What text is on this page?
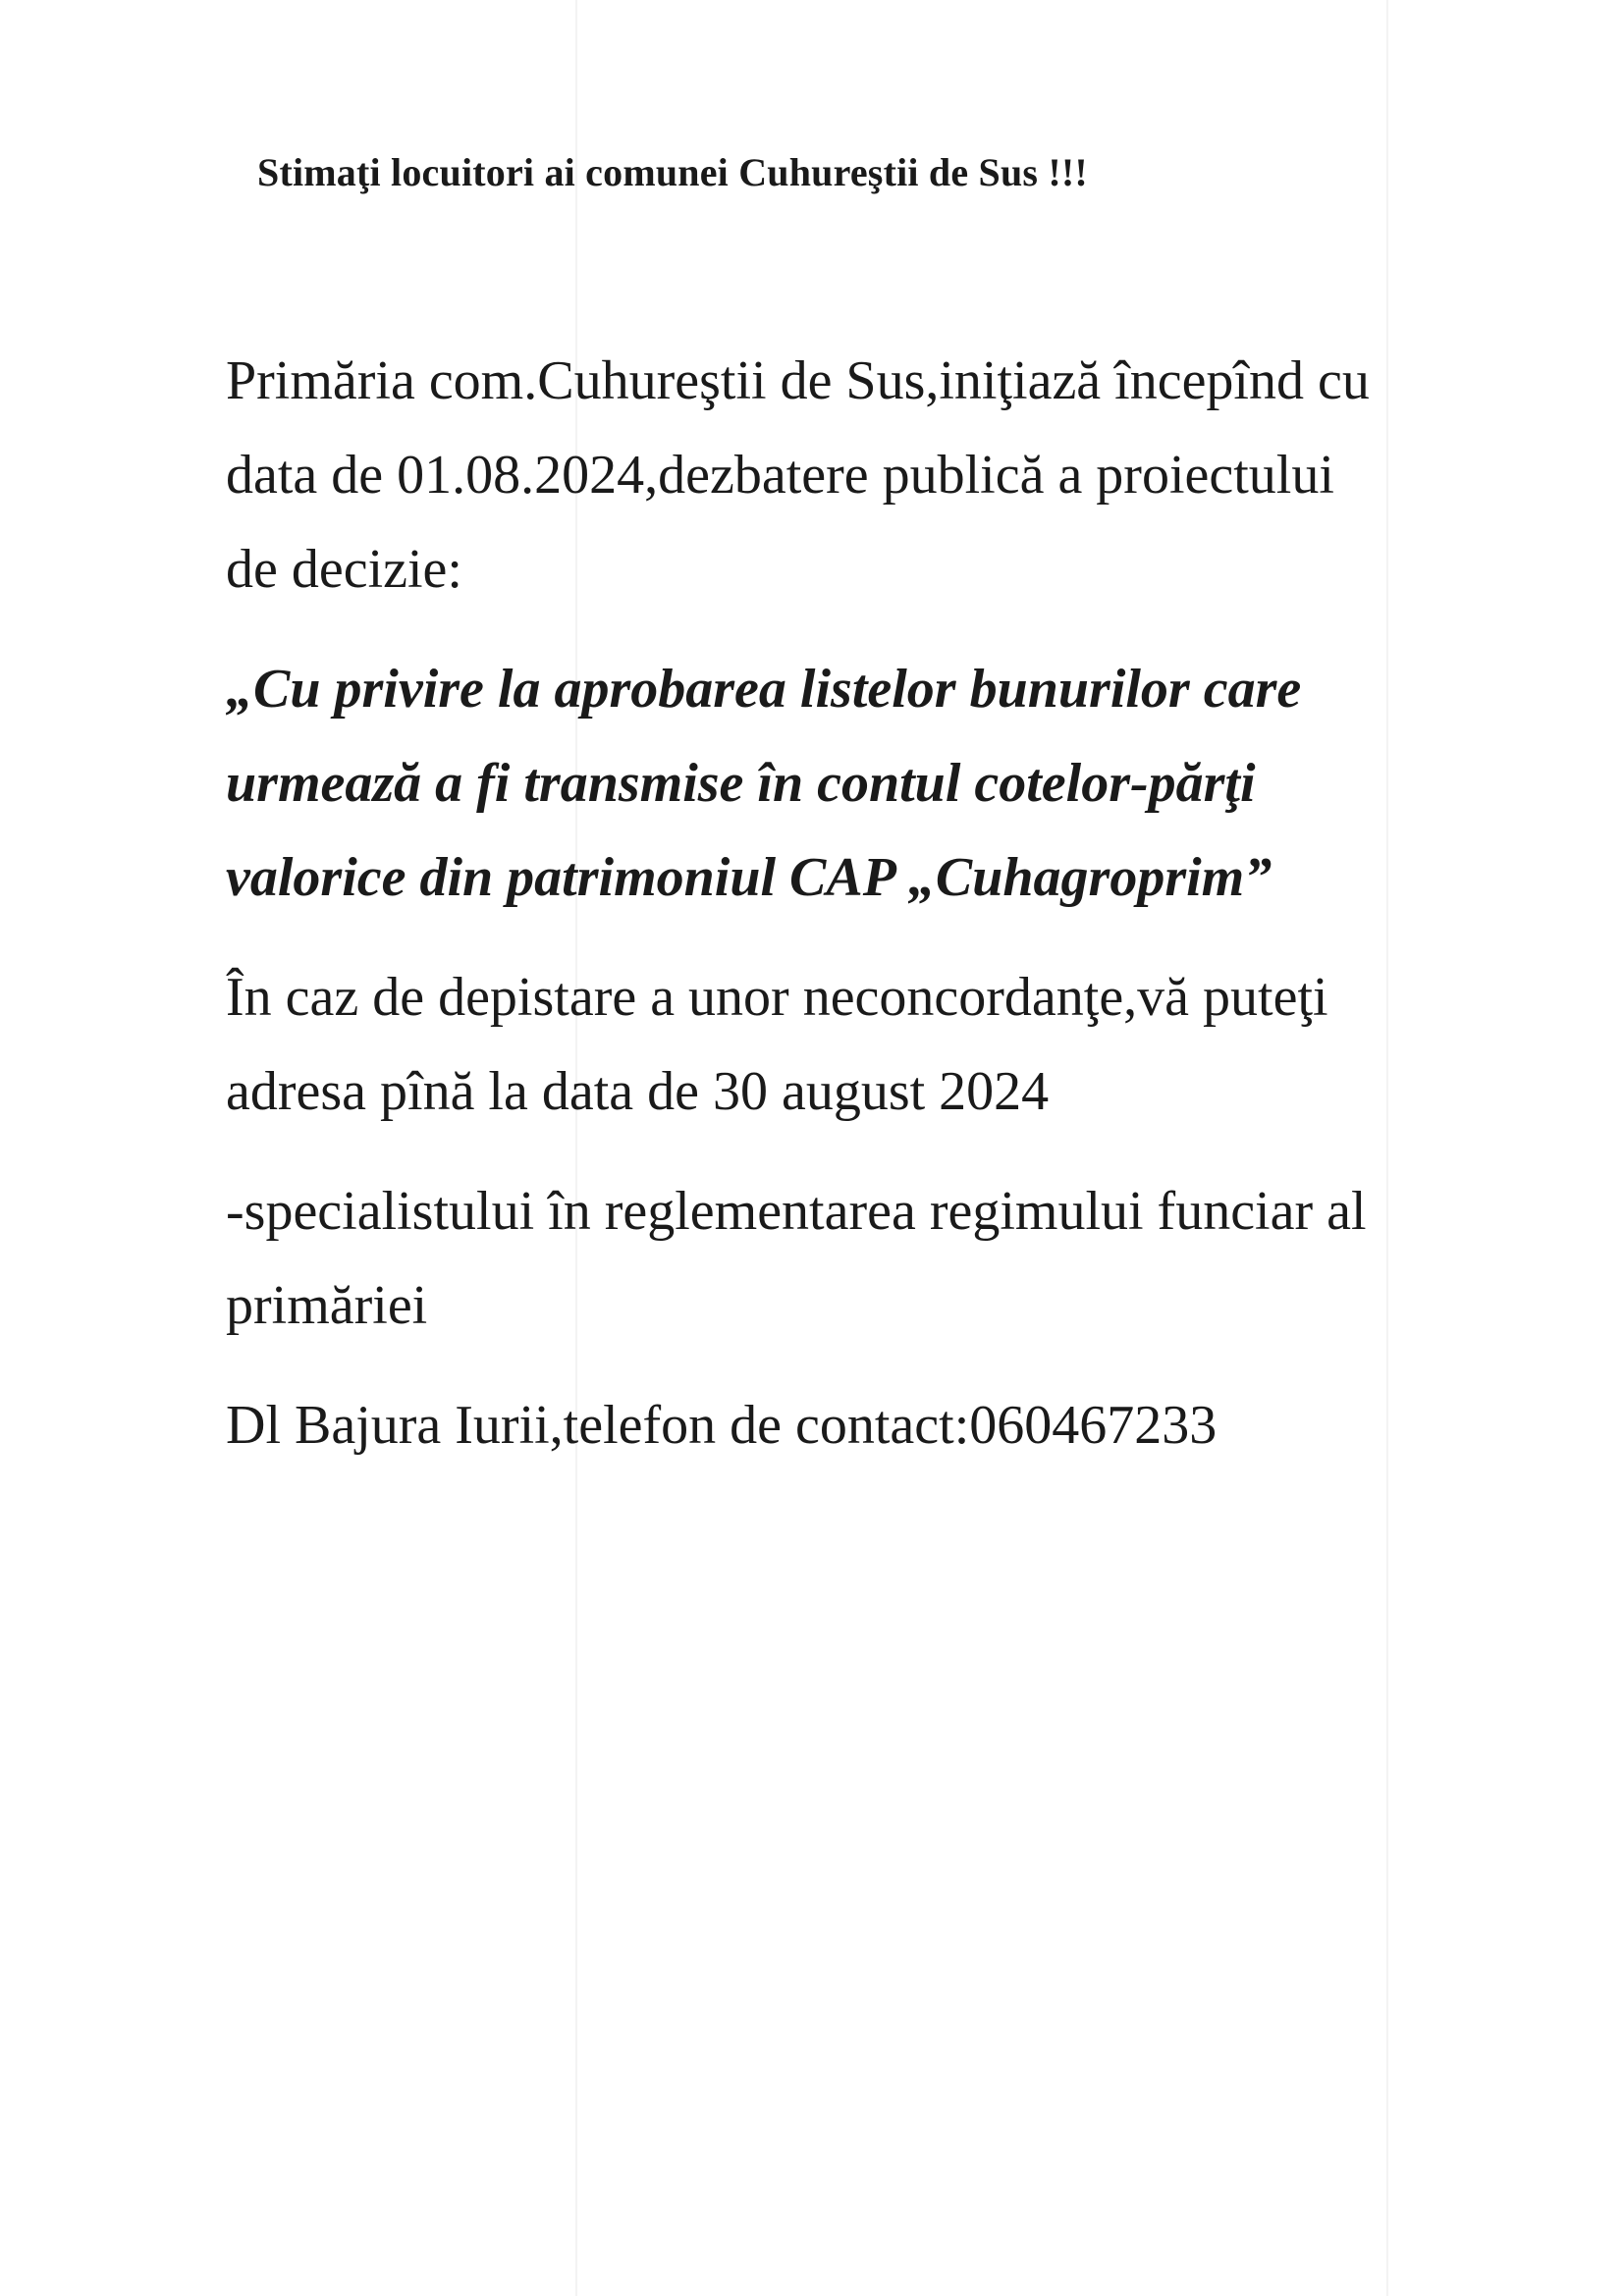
Stimaţi locuitori ai comunei Cuhureştii de Sus !!!

Primăria com.Cuhureştii de Sus,iniţiază începînd cu
data de 01.08.2024,dezbatere publică a proiectului
de decizie:

„Cu privire la aprobarea listelor bunurilor care
urmează a fi transmise în contul cotelor-părţi
valorice din patrimoniul CAP „Cuhagroprim”

În caz de depistare a unor neconcordanţe,vă puteţi
adresa pînă la data de 30 august 2024

-specialistului în reglementarea regimului funciar al
primăriei

Dl Bajura Iurii,telefon de contact:060467233
